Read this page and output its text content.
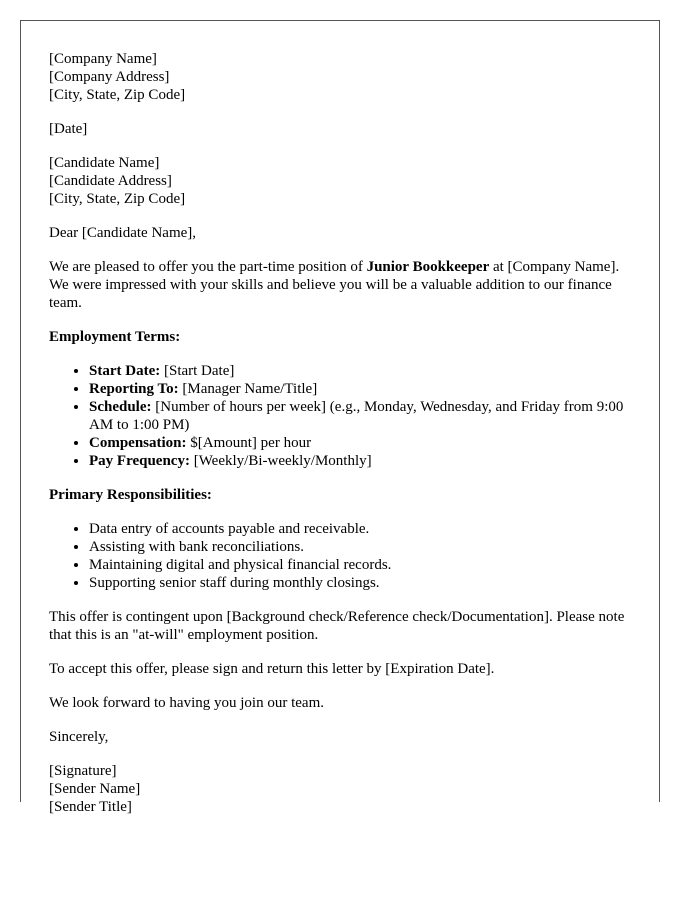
[Company Name]
[Company Address]
[City, State, Zip Code]
[Date]
[Candidate Name]
[Candidate Address]
[City, State, Zip Code]

Dear [Candidate Name],

We are pleased to offer you the part-time position of Junior Bookkeeper at [Company Name]. We were impressed with your skills and believe you will be a valuable addition to our finance team.

Employment Terms:
• Start Date: [Start Date]
• Reporting To: [Manager Name/Title]
• Schedule: [Number of hours per week] (e.g., Monday, Wednesday, and Friday from 9:00 AM to 1:00 PM)
• Compensation: $[Amount] per hour
• Pay Frequency: [Weekly/Bi-weekly/Monthly]
Primary Responsibilities:
• Data entry of accounts payable and receivable.
• Assisting with bank reconciliations.
• Maintaining digital and physical financial records.
• Supporting senior staff during monthly closings.

This offer is contingent upon [Background check/Reference check/Documentation]. Please note that this is an "at-will" employment position.

To accept this offer, please sign and return this letter by [Expiration Date].

We look forward to having you join our team.

Sincerely,

[Signature]
[Sender Name]
[Sender Title]
